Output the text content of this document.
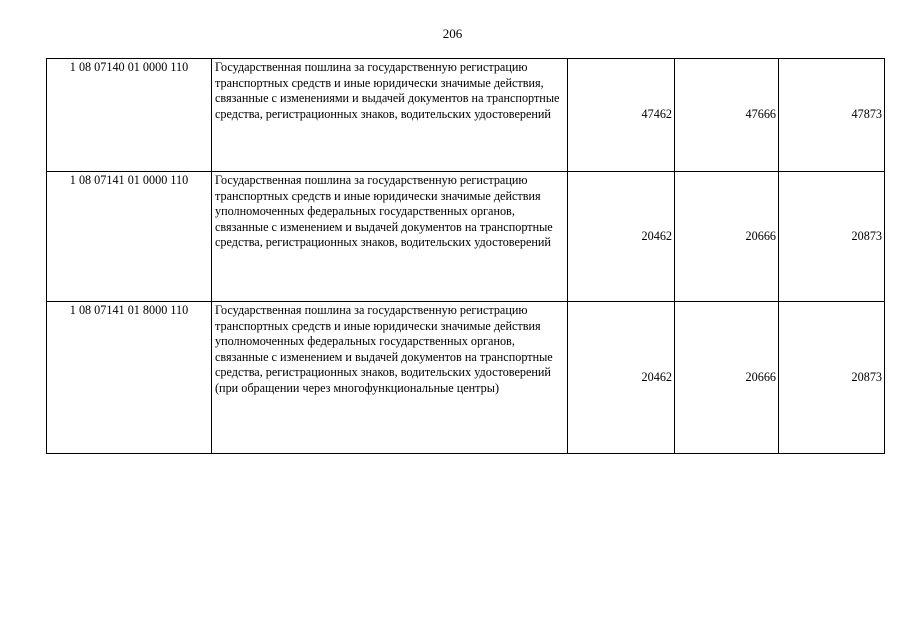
206
1 08 07140 01 0000 110	Государственная пошлина за государственную регистрацию транспортных средств и иные юридически значимые действия, связанные с изменениями и выдачей документов на транспортные средства, регистрационных знаков, водительских удостоверений	47462	47666	47873
1 08 07141 01 0000 110	Государственная пошлина за государственную регистрацию транспортных средств и иные юридически значимые действия уполномоченных федеральных государственных органов, связанные с изменением и выдачей документов на транспортные средства, регистрационных знаков, водительских удостоверений	20462	20666	20873
1 08 07141 01 8000 110	Государственная пошлина за государственную регистрацию транспортных средств и иные юридически значимые действия уполномоченных федеральных государственных органов, связанные с изменением и выдачей документов на транспортные средства, регистрационных знаков, водительских удостоверений (при обращении через многофункциональные центры)	20462	20666	20873
